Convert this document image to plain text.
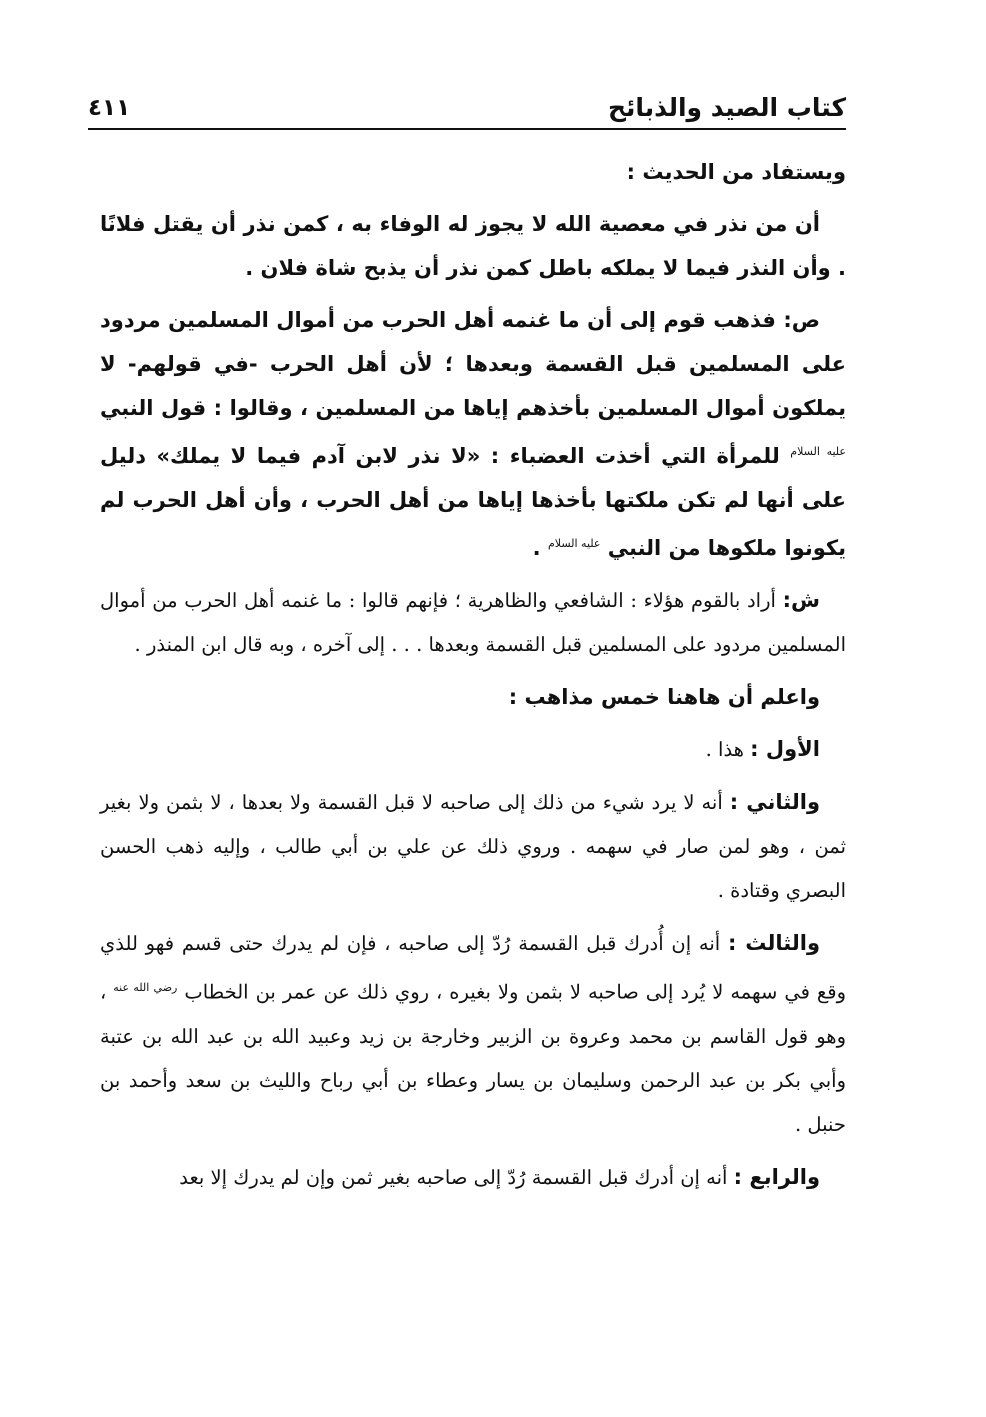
كتاب الصيد والذبائح
٤١١

ويستفاد من الحديث :

أن من نذر في معصية الله لا يجوز له الوفاء به ، كمن نذر أن يقتل فلانًا . وأن النذر فيما لا يملكه باطل كمن نذر أن يذبح شاة فلان .

ص: فذهب قوم إلى أن ما غنمه أهل الحرب من أموال المسلمين مردود على المسلمين قبل القسمة وبعدها ؛ لأن أهل الحرب -في قولهم- لا يملكون أموال المسلمين بأخذهم إياها من المسلمين ، وقالوا : قول النبي $^{عليه السلام}$ للمرأة التي أخذت العضباء : «لا نذر لابن آدم فيما لا يملك» دليل على أنها لم تكن ملكتها بأخذها إياها من أهل الحرب ، وأن أهل الحرب لم يكونوا ملكوها من النبي $^{عليه السلام}$ .

ش: أراد بالقوم هؤلاء : الشافعي والظاهرية ؛ فإنهم قالوا : ما غنمه أهل الحرب من أموال المسلمين مردود على المسلمين قبل القسمة وبعدها . . . إلى آخره ، وبه قال ابن المنذر .

واعلم أن هاهنا خمس مذاهب :

الأول : هذا .

والثاني : أنه لا يرد شيء من ذلك إلى صاحبه لا قبل القسمة ولا بعدها ، لا بثمن ولا بغير ثمن ، وهو لمن صار في سهمه . وروي ذلك عن علي بن أبي طالب ، وإليه ذهب الحسن البصري وقتادة .

والثالث : أنه إن أُدرك قبل القسمة رُدّ إلى صاحبه ، فإن لم يدرك حتى قسم فهو للذي وقع في سهمه لا يُرد إلى صاحبه لا بثمن ولا بغيره ، روي ذلك عن عمر بن الخطاب $^{رضي الله عنه}$ ، وهو قول القاسم بن محمد وعروة بن الزبير وخارجة بن زيد وعبيد الله بن عبد الله بن عتبة وأبي بكر بن عبد الرحمن وسليمان بن يسار وعطاء بن أبي رباح والليث بن سعد وأحمد بن حنبل .

والرابع : أنه إن أدرك قبل القسمة رُدّ إلى صاحبه بغير ثمن وإن لم يدرك إلا بعد
